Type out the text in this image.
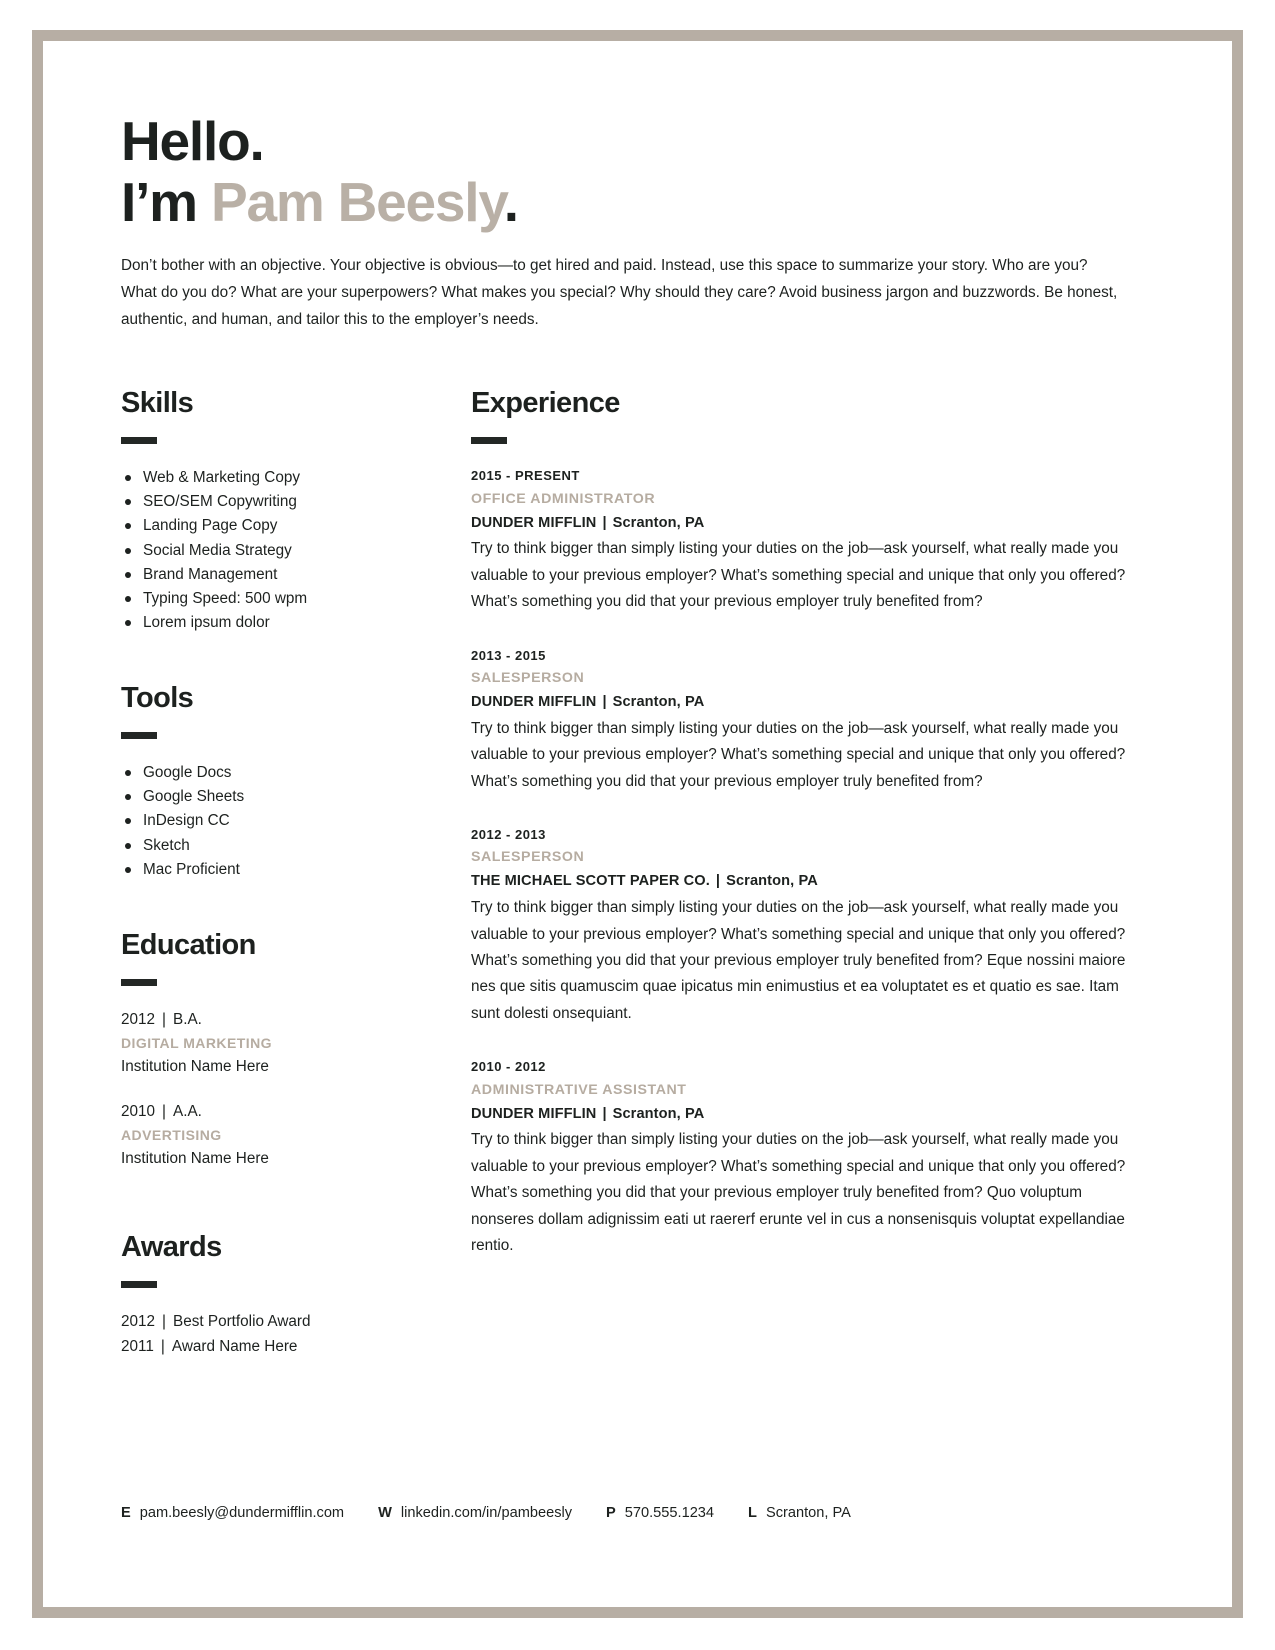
Hello.
I’m Pam Beesly.
Don’t bother with an objective. Your objective is obvious—to get hired and paid. Instead, use this space to summarize your story. Who are you? What do you do? What are your superpowers? What makes you special? Why should they care? Avoid business jargon and buzzwords. Be honest, authentic, and human, and tailor this to the employer’s needs.
Skills
Web & Marketing Copy
SEO/SEM Copywriting
Landing Page Copy
Social Media Strategy
Brand Management
Typing Speed: 500 wpm
Lorem ipsum dolor
Tools
Google Docs
Google Sheets
InDesign CC
Sketch
Mac Proficient
Education
2012 | B.A.
DIGITAL MARKETING
Institution Name Here
2010 | A.A.
ADVERTISING
Institution Name Here
Awards
2012 | Best Portfolio Award
2011 | Award Name Here
Experience
2015 - PRESENT
OFFICE ADMINISTRATOR
DUNDER MIFFLIN | Scranton, PA
Try to think bigger than simply listing your duties on the job—ask yourself, what really made you valuable to your previous employer? What’s something special and unique that only you offered? What’s something you did that your previous employer truly benefited from?
2013 - 2015
SALESPERSON
DUNDER MIFFLIN | Scranton, PA
Try to think bigger than simply listing your duties on the job—ask yourself, what really made you valuable to your previous employer? What’s something special and unique that only you offered? What’s something you did that your previous employer truly benefited from?
2012 - 2013
SALESPERSON
THE MICHAEL SCOTT PAPER CO. | Scranton, PA
Try to think bigger than simply listing your duties on the job—ask yourself, what really made you valuable to your previous employer? What’s something special and unique that only you offered? What’s something you did that your previous employer truly benefited from? Eque nossini maiore nes que sitis quamuscim quae ipicatus min enimustius et ea voluptatet es et quatio es sae. Itam sunt dolesti onsequiant.
2010 - 2012
ADMINISTRATIVE ASSISTANT
DUNDER MIFFLIN | Scranton, PA
Try to think bigger than simply listing your duties on the job—ask yourself, what really made you valuable to your previous employer? What’s something special and unique that only you offered? What’s something you did that your previous employer truly benefited from? Quo voluptum nonseres dollam adignissim eati ut raererf erunte vel in cus a nonsenisquis voluptat expellandiae rentio.
E pam.beesly@dundermifflin.com W linkedin.com/in/pambeesly P 570.555.1234 L Scranton, PA
